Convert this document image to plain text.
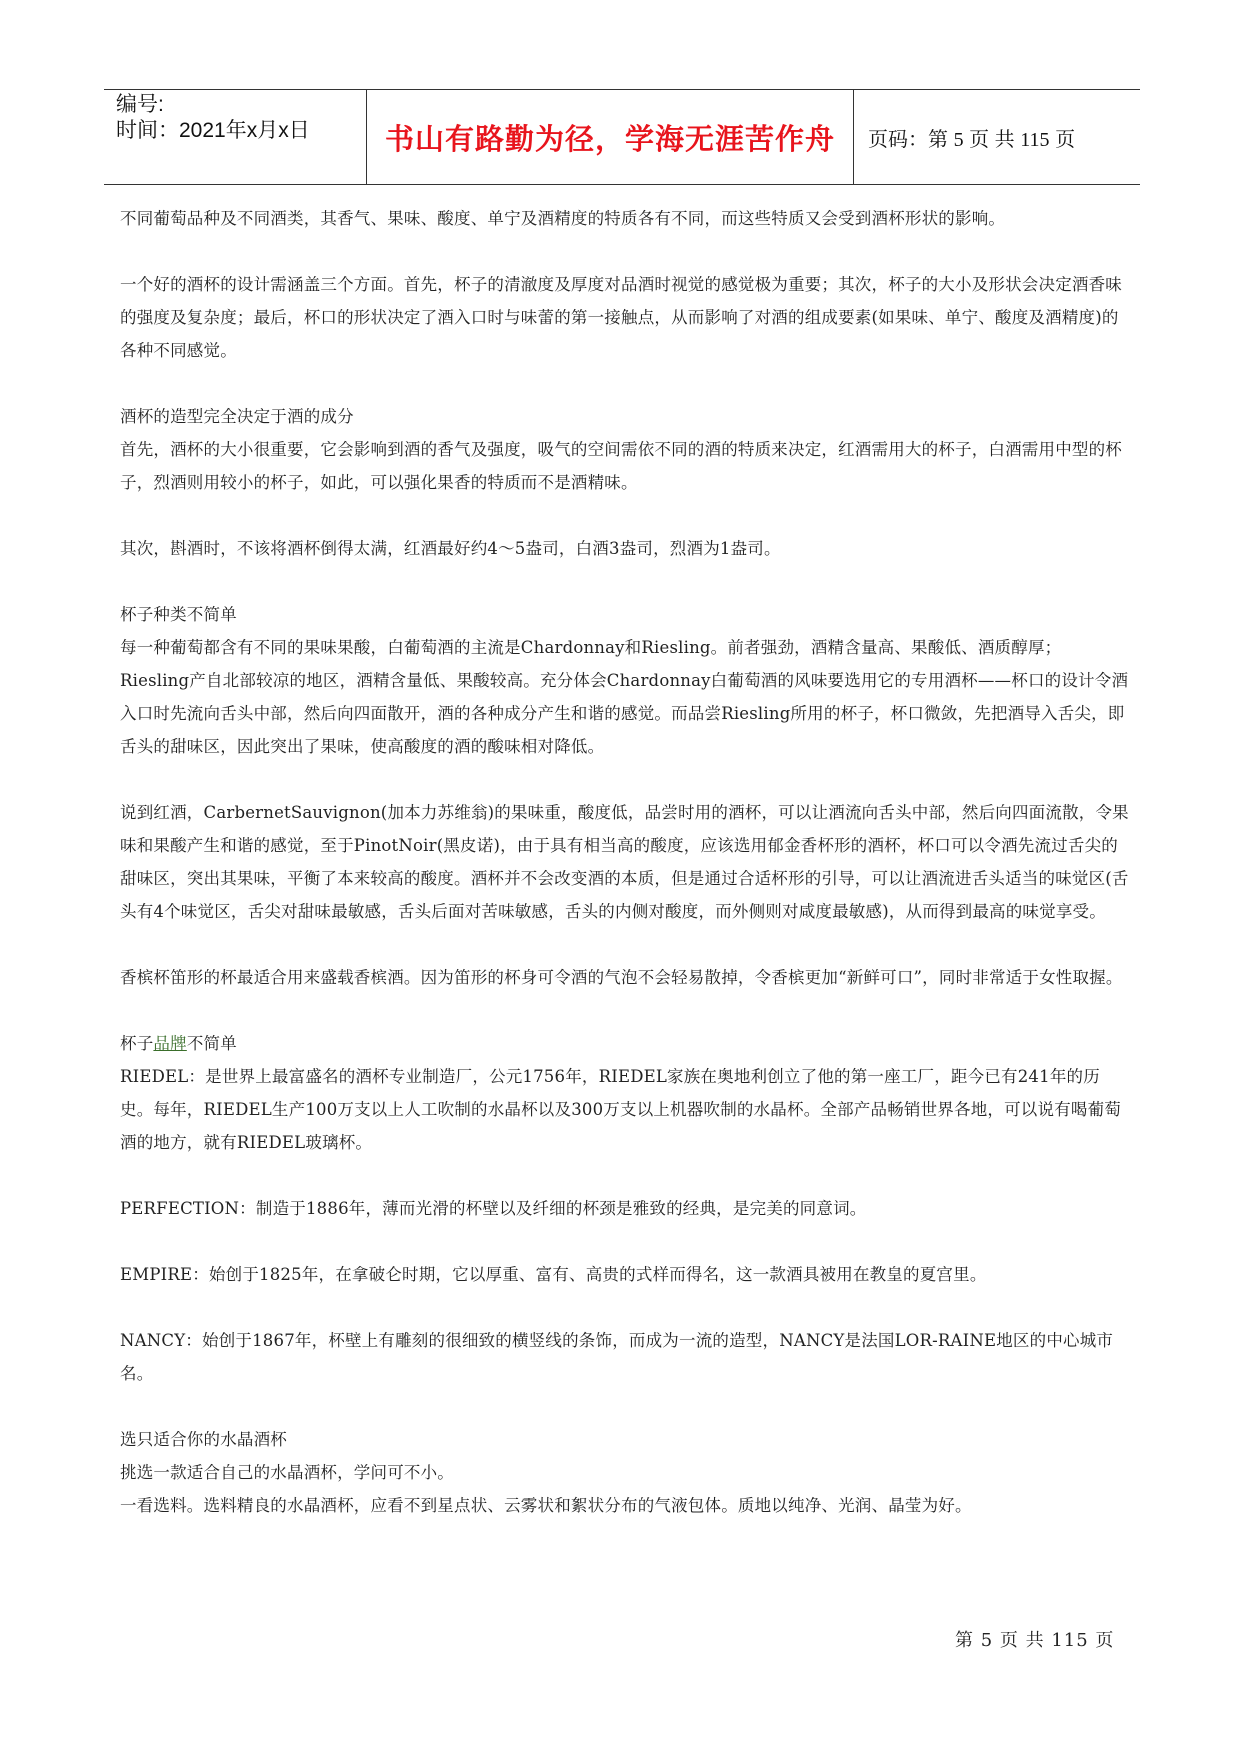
编号:
时间：2021年x月x日	书山有路勤为径，学海无涯苦作舟 页码：第 5 页 共 115 页

不同葡萄品种及不同酒类，其香气、果味、酸度、单宁及酒精度的特质各有不同，而这些特质又会受到酒杯形状的影响。

一个好的酒杯的设计需涵盖三个方面。首先，杯子的清澈度及厚度对品酒时视觉的感觉极为重要；其次，杯子的大小及形状会决定酒香味的强度及复杂度；最后，杯口的形状决定了酒入口时与味蕾的第一接触点，从而影响了对酒的组成要素(如果味、单宁、酸度及酒精度)的各种不同感觉。

酒杯的造型完全决定于酒的成分

首先，酒杯的大小很重要，它会影响到酒的香气及强度，吸气的空间需依不同的酒的特质来决定，红酒需用大的杯子，白酒需用中型的杯子，烈酒则用较小的杯子，如此，可以强化果香的特质而不是酒精味。

其次，斟酒时，不该将酒杯倒得太满，红酒最好约4～5盎司，白酒3盎司，烈酒为1盎司。

杯子种类不简单

每一种葡萄都含有不同的果味果酸，白葡萄酒的主流是Chardonnay和Riesling。前者强劲，酒精含量高、果酸低、酒质醇厚；Riesling产自北部较凉的地区，酒精含量低、果酸较高。充分体会Chardonnay白葡萄酒的风味要选用它的专用酒杯——杯口的设计令酒入口时先流向舌头中部，然后向四面散开，酒的各种成分产生和谐的感觉。而品尝Riesling所用的杯子，杯口微敛，先把酒导入舌尖，即舌头的甜味区，因此突出了果味，使高酸度的酒的酸味相对降低。

说到红酒，CarbernetSauvignon(加本力苏维翁)的果味重，酸度低，品尝时用的酒杯，可以让酒流向舌头中部，然后向四面流散，令果味和果酸产生和谐的感觉，至于PinotNoir(黑皮诺)，由于具有相当高的酸度，应该选用郁金香杯形的酒杯，杯口可以令酒先流过舌尖的甜味区，突出其果味，平衡了本来较高的酸度。酒杯并不会改变酒的本质，但是通过合适杯形的引导，可以让酒流进舌头适当的味觉区(舌头有4个味觉区，舌尖对甜味最敏感，舌头后面对苦味敏感，舌头的内侧对酸度，而外侧则对咸度最敏感)，从而得到最高的味觉享受。

香槟杯笛形的杯最适合用来盛载香槟酒。因为笛形的杯身可令酒的气泡不会轻易散掉，令香槟更加“新鲜可口”，同时非常适于女性取握。

杯子品牌不简单

RIEDEL：是世界上最富盛名的酒杯专业制造厂，公元1756年，RIEDEL家族在奥地利创立了他的第一座工厂，距今已有241年的历史。每年，RIEDEL生产100万支以上人工吹制的水晶杯以及300万支以上机器吹制的水晶杯。全部产品畅销世界各地，可以说有喝葡萄酒的地方，就有RIEDEL玻璃杯。

PERFECTION：制造于1886年，薄而光滑的杯壁以及纤细的杯颈是雅致的经典，是完美的同意词。

EMPIRE：始创于1825年，在拿破仑时期，它以厚重、富有、高贵的式样而得名，这一款酒具被用在教皇的夏宫里。

NANCY：始创于1867年，杯壁上有雕刻的很细致的横竖线的条饰，而成为一流的造型，NANCY是法国LOR-RAINE地区的中心城市名。

选只适合你的水晶酒杯

挑选一款适合自己的水晶酒杯，学问可不小。

一看选料。选料精良的水晶酒杯，应看不到星点状、云雾状和絮状分布的气液包体。质地以纯净、光润、晶莹为好。

第 5 页 共 115 页
